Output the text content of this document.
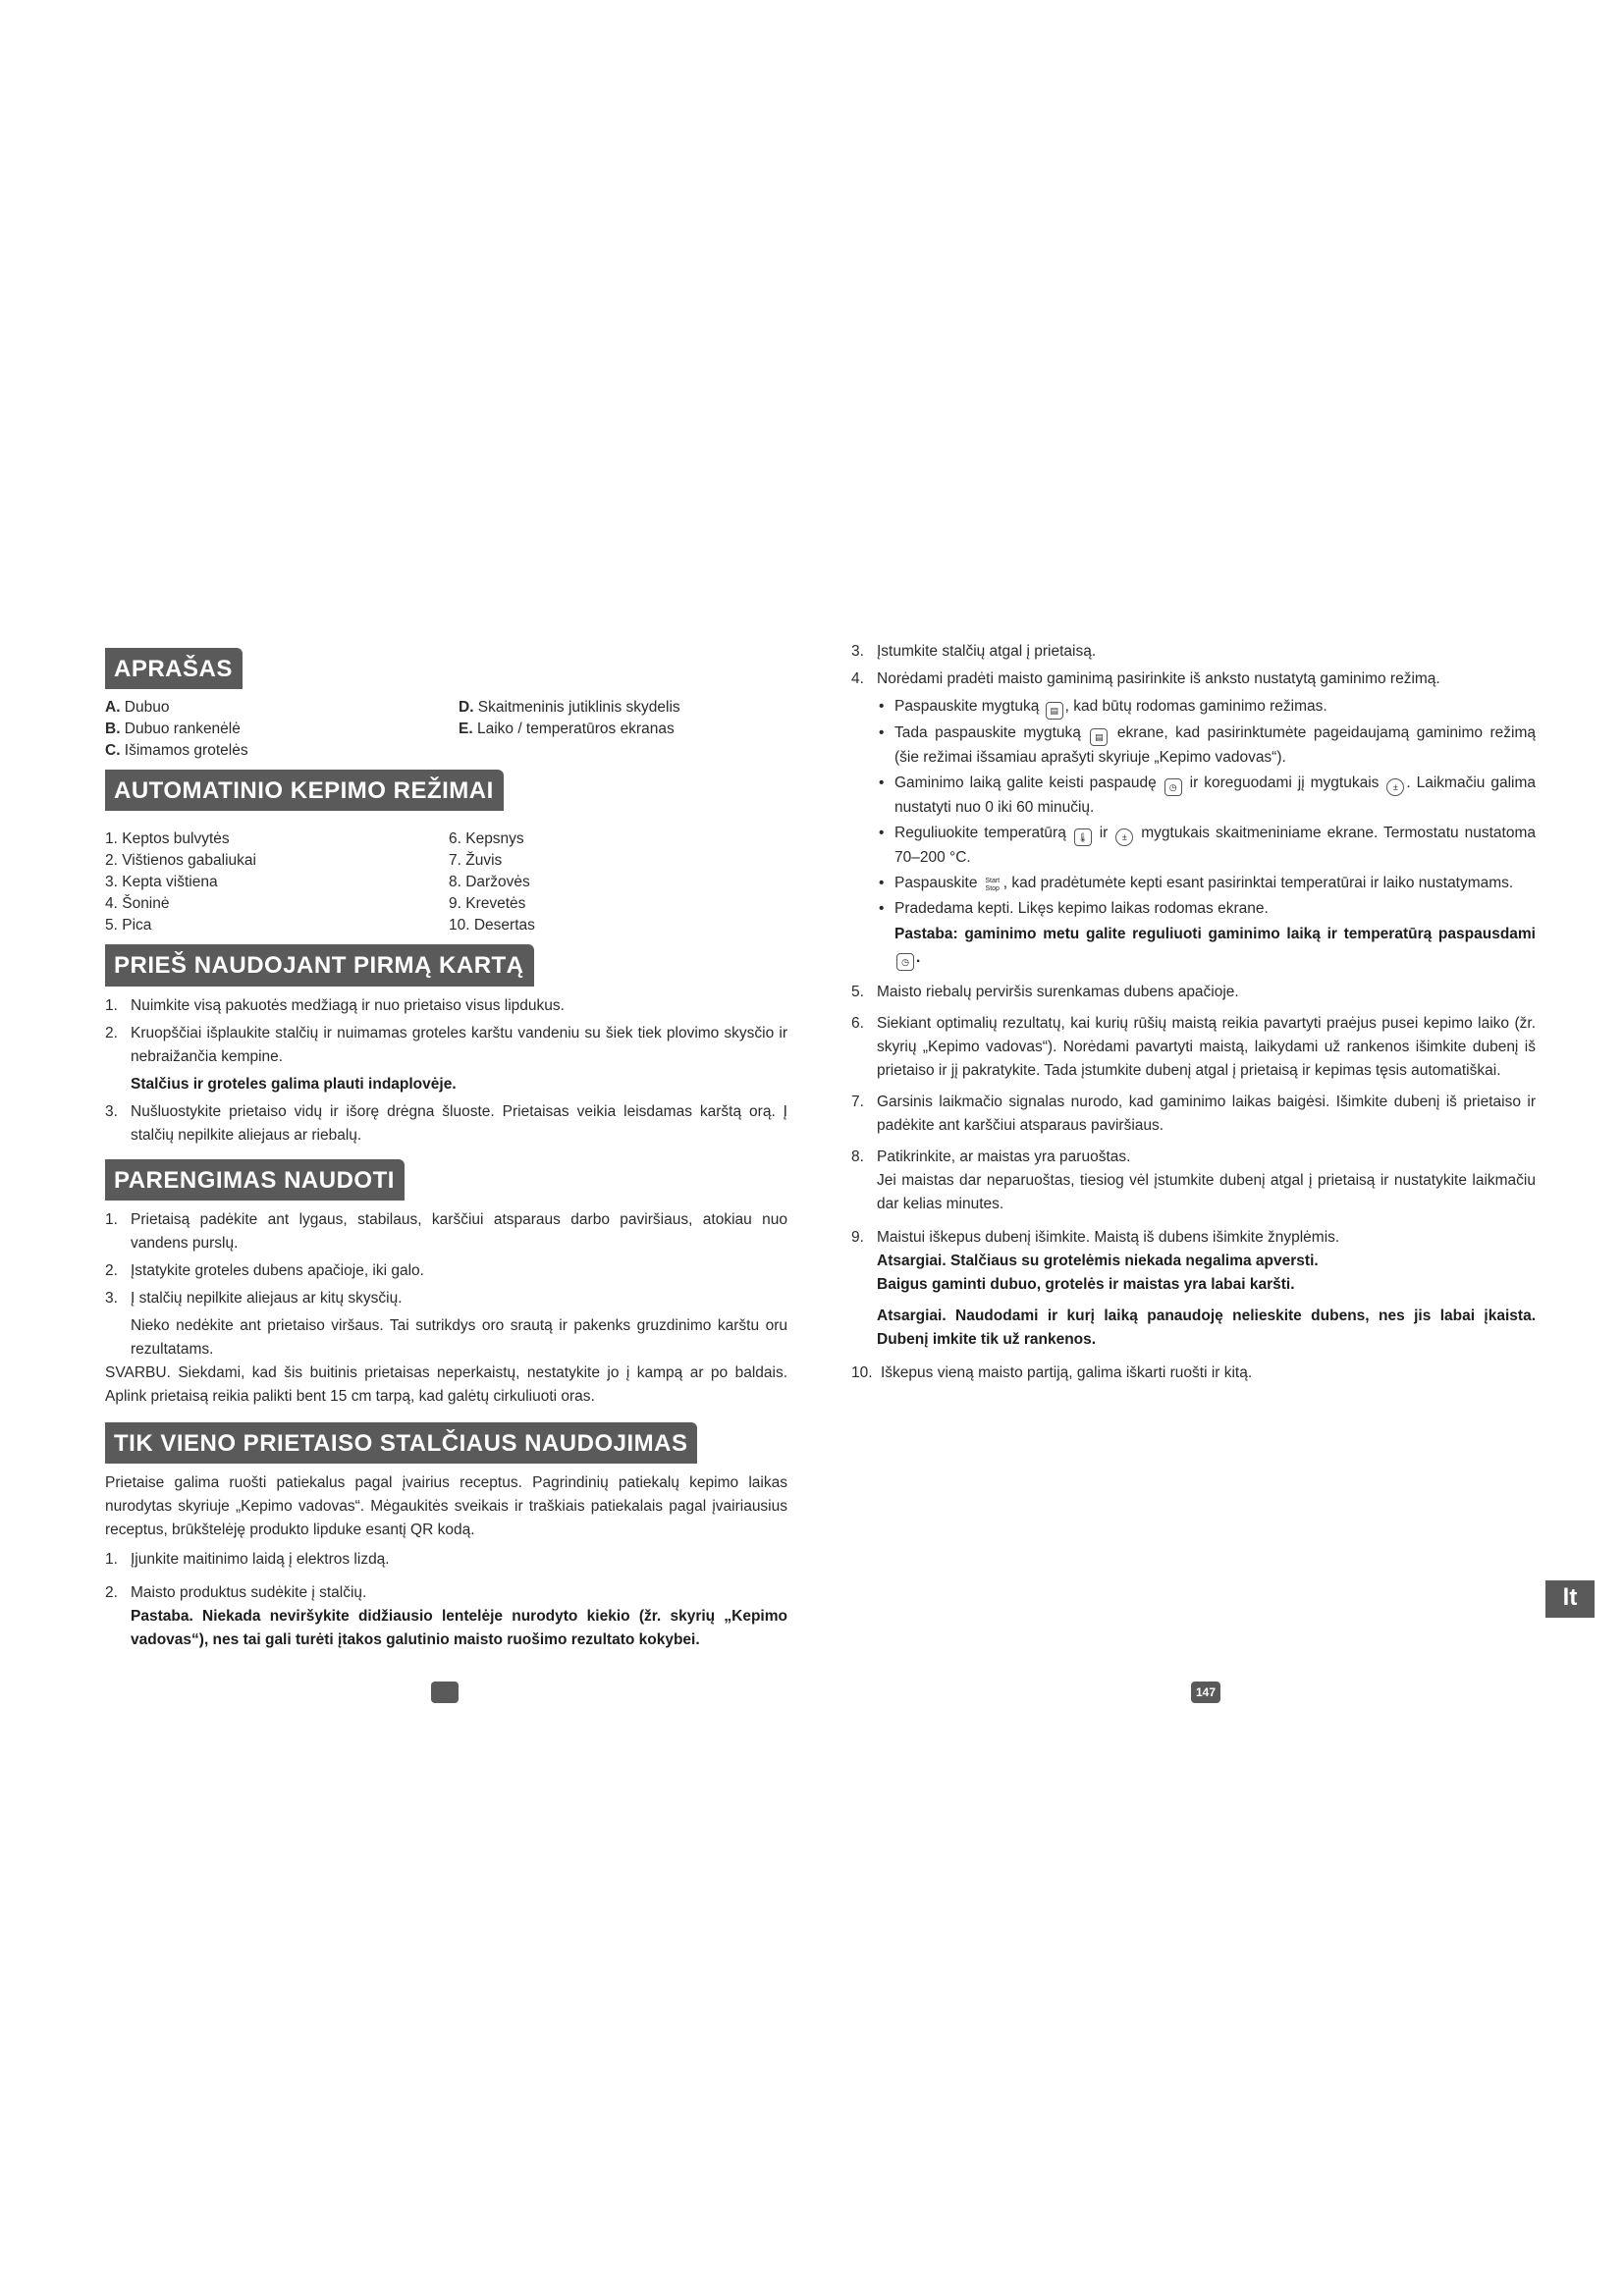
APRAŠAS
A. Dubuo	D. Skaitmeninis jutiklinis skydelis
B. Dubuo rankenėlė	E. Laiko / temperatūros ekranas
C. Išimamos grotelės
AUTOMATINIO KEPIMO REŽIMAI
1. Keptos bulvytės	6. Kepsnys
2. Vištienos gabaliukai	7. Žuvis
3. Kepta vištiena	8. Daržovės
4. Šoninė	9. Krevetės
5. Pica	10. Desertas
PRIEŠ NAUDOJANT PIRMĄ KARTĄ
1. Nuimkite visą pakuotės medžiagą ir nuo prietaiso visus lipdukus.
2. Kruopščiai išplaukite stalčių ir nuimamas groteles karštu vandeniu su šiek tiek plovimo skysčio ir nebraižančia kempine.
Stalčius ir groteles galima plauti indaplovėje.
3. Nušluostykite prietaiso vidų ir išorę drėgna šluoste. Prietaisas veikia leisdamas karštą orą. Į stalčių nepilkite aliejaus ar riebalų.
PARENGIMAS NAUDOTI
1. Prietaisą padėkite ant lygaus, stabilaus, karščiui atsparaus darbo paviršiaus, atokiau nuo vandens purslų.
2. Įstatykite groteles dubens apačioje, iki galo.
3. Į stalčių nepilkite aliejaus ar kitų skysčių.
Nieko nedėkite ant prietaiso viršaus. Tai sutrikdys oro srautą ir pakenks gruzdinimo karštu oru rezultatams.
SVARBU. Siekdami, kad šis buitinis prietaisas neperkaistų, nestatykite jo į kampą ar po baldais. Aplink prietaisą reikia palikti bent 15 cm tarpą, kad galėtų cirkuliuoti oras.
TIK VIENO PRIETAISO STALČIAUS NAUDOJIMAS
Prietaise galima ruošti patiekalus pagal įvairius receptus. Pagrindinių patiekalų kepimo laikas nurodytas skyriuje „Kepimo vadovas“. Mėgaukitės sveikais ir traškiais patiekalais pagal įvairiausius receptus, brūkštelėję produkto lipduke esantį QR kodą.
1. Įjunkite maitinimo laidą į elektros lizdą.
2. Maisto produktus sudėkite į stalčių.
Pastaba. Niekada neviršykite didžiausio lentelėje nurodyto kiekio (žr. skyrių „Kepimo vadovas“), nes tai gali turėti įtakos galutinio maisto ruošimo rezultato kokybei.
3. Įstumkite stalčių atgal į prietaisą.
4. Norėdami pradėti maisto gaminimą pasirinkite iš anksto nustatytą gaminimo režimą.
• Paspauskite mygtuką ▤ , kad būtų rodomas gaminimo režimas.
• Tada paspauskite mygtuką ▤ ekrane, kad pasirinktumėte pageidaujamą gaminimo režimą (šie režimai išsamiau aprašyti skyriuje „Kepimo vadovas“).
• Gaminimo laiką galite keisti paspaudę ◷ ir koreguodami jį mygtukais ± . Laikmačiu galima nustatyti nuo 0 iki 60 minučių.
• Reguliuokite temperatūrą 🌡 ir ± mygtukais skaitmeniniame ekrane. Termostatu nustatoma 70–200 °C.
• Paspauskite Start Stop , kad pradėtumėte kepti esant pasirinktai temperatūrai ir laiko nustatymams.
• Pradedama kepti. Likęs kepimo laikas rodomas ekrane.
Pastaba: gaminimo metu galite reguliuoti gaminimo laiką ir temperatūrą paspausdami ◷ .
5. Maisto riebalų perviršis surenkamas dubens apačioje.
6. Siekiant optimalių rezultatų, kai kurių rūšių maistą reikia pavartyti praėjus pusei kepimo laiko (žr. skyrių „Kepimo vadovas“). Norėdami pavartyti maistą, laikydami už rankenos išimkite dubenį iš prietaiso ir jį pakratykite. Tada įstumkite dubenį atgal į prietaisą ir kepimas tęsis automatiškai.
7. Garsinis laikmačio signalas nurodo, kad gaminimo laikas baigėsi. Išimkite dubenį iš prietaiso ir padėkite ant karščiui atsparaus paviršiaus.
8. Patikrinkite, ar maistas yra paruoštas.
Jei maistas dar neparuoštas, tiesiog vėl įstumkite dubenį atgal į prietaisą ir nustatykite laikmačiu dar kelias minutes.
9. Maistui iškepus dubenį išimkite. Maistą iš dubens išimkite žnyplėmis.
Atsargiai. Stalčiaus su grotelėmis niekada negalima apversti.
Baigus gaminti dubuo, grotelės ir maistas yra labai karšti.
Atsargiai. Naudodami ir kurį laiką panaudoję nelieskite dubens, nes jis labai įkaista. Dubenį imkite tik už rankenos.
10. Iškepus vieną maisto partiją, galima iškarti ruošti ir kitą.
lt
147
